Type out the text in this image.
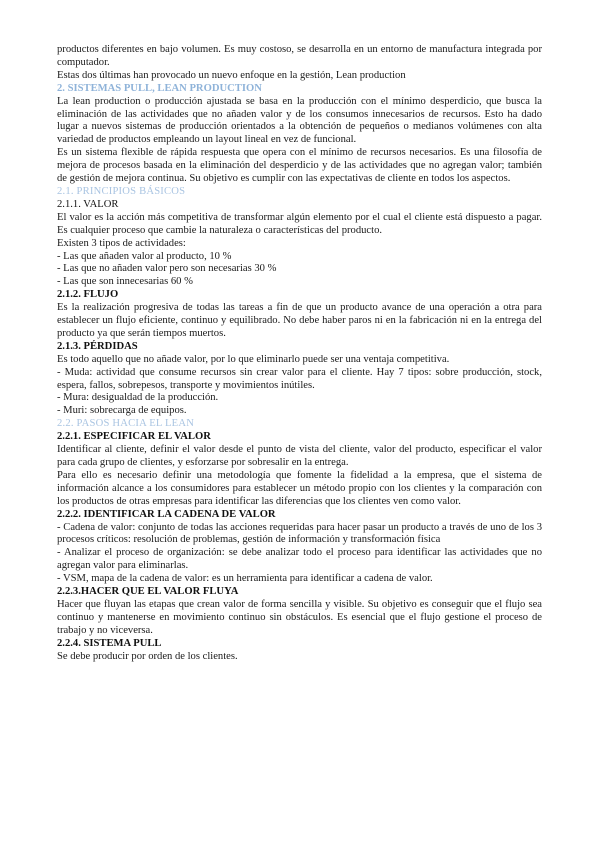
productos diferentes en bajo volumen. Es muy costoso, se desarrolla en un entorno de manufactura integrada por computador.
Estas dos últimas han provocado un nuevo enfoque en la gestión, Lean production
2. SISTEMAS PULL, LEAN PRODUCTION
La lean production o producción ajustada se basa en la producción con el mínimo desperdicio, que busca la eliminación de las actividades que no añaden valor y de los consumos innecesarios de recursos. Esto ha dado lugar a nuevos sistemas de producción orientados a la obtención de pequeños o medianos volúmenes con alta variedad de productos empleando un layout lineal en vez de funcional.
Es un sistema flexible de rápida respuesta que opera con el mínimo de recursos necesarios. Es una filosofía de mejora de procesos basada en la eliminación del desperdicio y de las actividades que no agregan valor; también de gestión de mejora continua. Su objetivo es cumplir con las expectativas de cliente en todos los aspectos.
2.1. PRINCIPIOS BÁSICOS
2.1.1. VALOR
El valor es la acción más competitiva de transformar algún elemento por el cual el cliente está dispuesto a pagar. Es cualquier proceso que cambie la naturaleza o características del producto.
Existen 3 tipos de actividades:
- Las que añaden valor al producto, 10 %
- Las que no añaden valor pero son necesarias 30 %
- Las que son innecesarias 60 %
2.1.2. FLUJO
Es la realización progresiva de todas las tareas a fin de que un producto avance de una operación a otra para establecer un flujo eficiente, continuo y equilibrado. No debe haber paros ni en la fabricación ni en la entrega del producto ya que serán tiempos muertos.
2.1.3. PÉRDIDAS
Es todo aquello que no añade valor, por lo que eliminarlo puede ser una ventaja competitiva.
- Muda: actividad que consume recursos sin crear valor para el cliente. Hay 7 tipos: sobre producción, stock, espera, fallos, sobrepesos, transporte y movimientos inútiles.
- Mura: desigualdad de la producción.
- Muri: sobrecarga de equipos.
2.2. PASOS HACIA EL LEAN
2.2.1. ESPECIFICAR EL VALOR
Identificar al cliente, definir el valor desde el punto de vista del cliente, valor del producto, especificar el valor para cada grupo de clientes, y esforzarse por sobresalir en la entrega.
Para ello es necesario definir una metodología que fomente la fidelidad a la empresa, que el sistema de información alcance a los consumidores para establecer un método propio con los clientes y la comparación con los productos de otras empresas para identificar las diferencias que los clientes ven como valor.
2.2.2. IDENTIFICAR LA CADENA DE VALOR
- Cadena de valor: conjunto de todas las acciones requeridas para hacer pasar un producto a través de uno de los 3 procesos críticos: resolución de problemas, gestión de información y transformación física
- Analizar el proceso de organización: se debe analizar todo el proceso para identificar las actividades que no agregan valor para eliminarlas.
- VSM, mapa de la cadena de valor: es un herramienta para identificar a cadena de valor.
2.2.3.HACER QUE EL VALOR FLUYA
Hacer que fluyan las etapas que crean valor de forma sencilla y visible. Su objetivo es conseguir que el flujo sea continuo y mantenerse en movimiento continuo sin obstáculos. Es esencial que el flujo gestione el proceso de trabajo y no viceversa.
2.2.4. SISTEMA PULL
Se debe producir por orden de los clientes.
